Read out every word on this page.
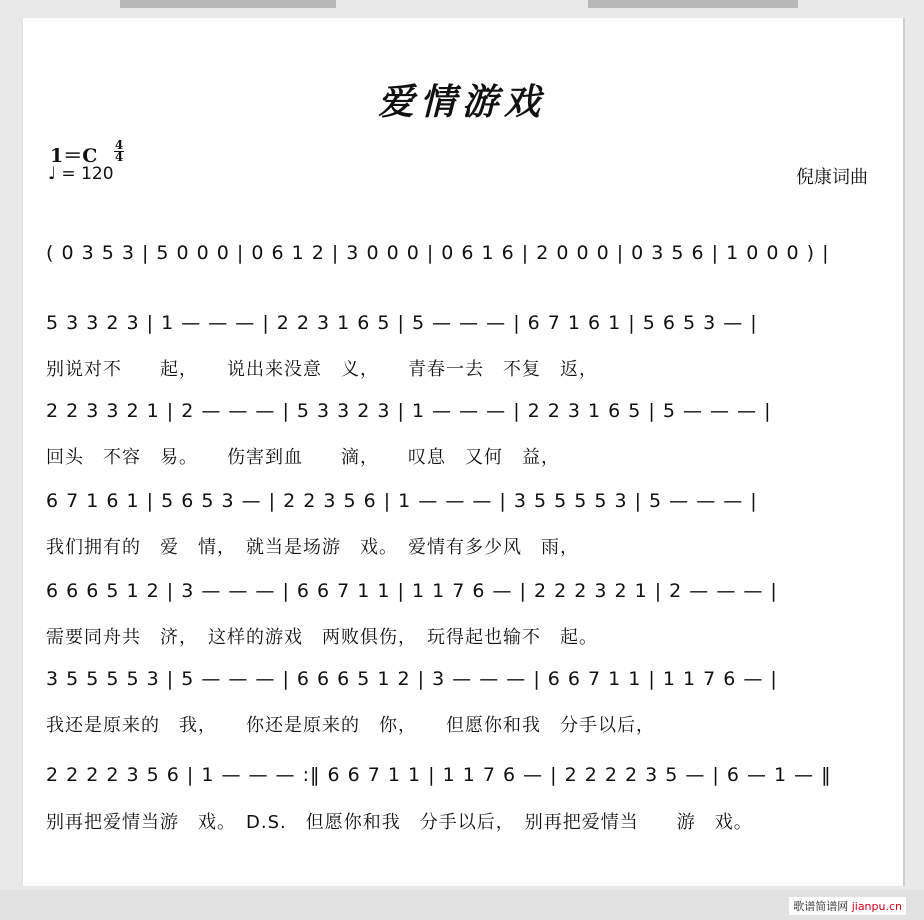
爱情游戏
1＝C 4
4
♩ = 120	倪康词曲
( 0 3 5 3 | 5 0 0 0 | 0 6 1 2 | 3 0 0 0 | 0 6 1 6 | 2 0 0 0 | 0 3 5 6 | 1 0 0 0 ) |
5 3 3 2 3 | 1 — — — | 2 2 3 1 6 5 | 5 — — — | 6 7 1 6 1 | 5 6 5 3 — |
别说对不　　起，　　说出来没意　义，　　青春一去　不复　返，
2 2 3 3 2 1 | 2 — — — | 5 3 3 2 3 | 1 — — — | 2 2 3 1 6 5 | 5 — — — |
回头　不容　易。　　伤害到血　　滴，　　叹息　又何　益，
6 7 1 6 1 | 5 6 5 3 — | 2 2 3 5 6 | 1 — — — | 3 5 5 5 5 3 | 5 — — — |
我们拥有的　爱　情，　就当是场游　戏。　爱情有多少风　雨，
6 6 6 5 1 2 | 3 — — — | 6 6 7 1 1 | 1 1 7 6 — | 2 2 2 3 2 1 | 2 — — — |
需要同舟共　济，　这样的游戏　两败俱伤，　玩得起也输不　起。
3 5 5 5 5 3 | 5 — — — | 6 6 6 5 1 2 | 3 — — — | 6 6 7 1 1 | 1 1 7 6 — |
我还是原来的　我，　　你还是原来的　你，　　但愿你和我　分手以后，
2 2 2 2 3 5 6 | 1 — — — :‖ 6 6 7 1 1 | 1 1 7 6 — | 2 2 2 2 3 5 — | 6 — 1 — ‖
别再把爱情当游　戏。　D.S.　但愿你和我　分手以后，　别再把爱情当　　游　戏。
歌谱简谱网 jianpu.cn
